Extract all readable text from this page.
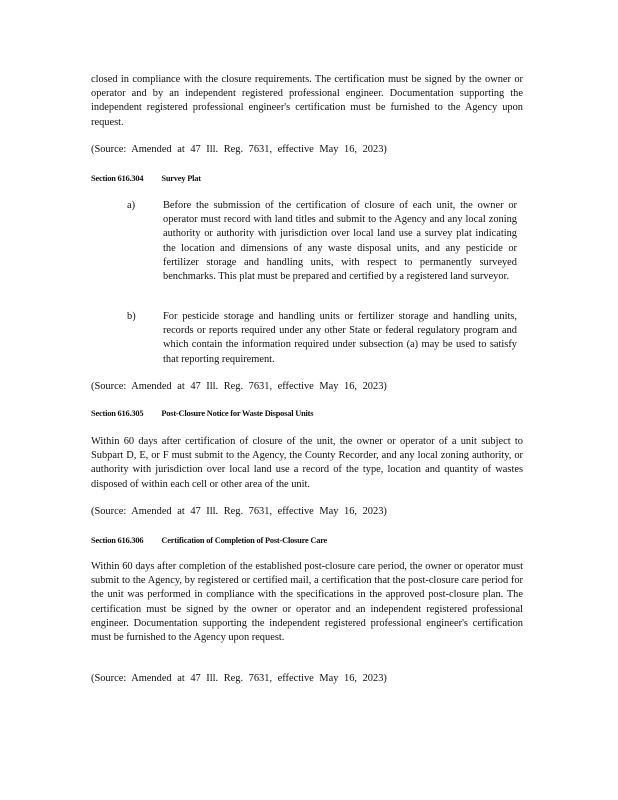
closed in compliance with the closure requirements. The certification must be signed by the owner or operator and by an independent registered professional engineer. Documentation supporting the independent registered professional engineer's certification must be furnished to the Agency upon request.

(Source: Amended at 47 Ill. Reg. 7631, effective May 16, 2023)

Section 616.304 Survey Plat
a)	Before the submission of the certification of closure of each unit, the owner or operator must record with land titles and submit to the Agency and any local zoning authority or authority with jurisdiction over local land use a survey plat indicating the location and dimensions of any waste disposal units, and any pesticide or fertilizer storage and handling units, with respect to permanently surveyed benchmarks. This plat must be prepared and certified by a registered land surveyor.

b)	For pesticide storage and handling units or fertilizer storage and handling units, records or reports required under any other State or federal regulatory program and which contain the information required under subsection (a) may be used to satisfy that reporting requirement.

(Source: Amended at 47 Ill. Reg. 7631, effective May 16, 2023)

Section 616.305 Post-Closure Notice for Waste Disposal Units

Within 60 days after certification of closure of the unit, the owner or operator of a unit subject to Subpart D, E, or F must submit to the Agency, the County Recorder, and any local zoning authority, or authority with jurisdiction over local land use a record of the type, location and quantity of wastes disposed of within each cell or other area of the unit.

(Source: Amended at 47 Ill. Reg. 7631, effective May 16, 2023)

Section 616.306 Certification of Completion of Post-Closure Care

Within 60 days after completion of the established post-closure care period, the owner or operator must submit to the Agency, by registered or certified mail, a certification that the post-closure care period for the unit was performed in compliance with the specifications in the approved post-closure plan. The certification must be signed by the owner or operator and an independent registered professional engineer. Documentation supporting the independent registered professional engineer's certification must be furnished to the Agency upon request.

(Source: Amended at 47 Ill. Reg. 7631, effective May 16, 2023)
